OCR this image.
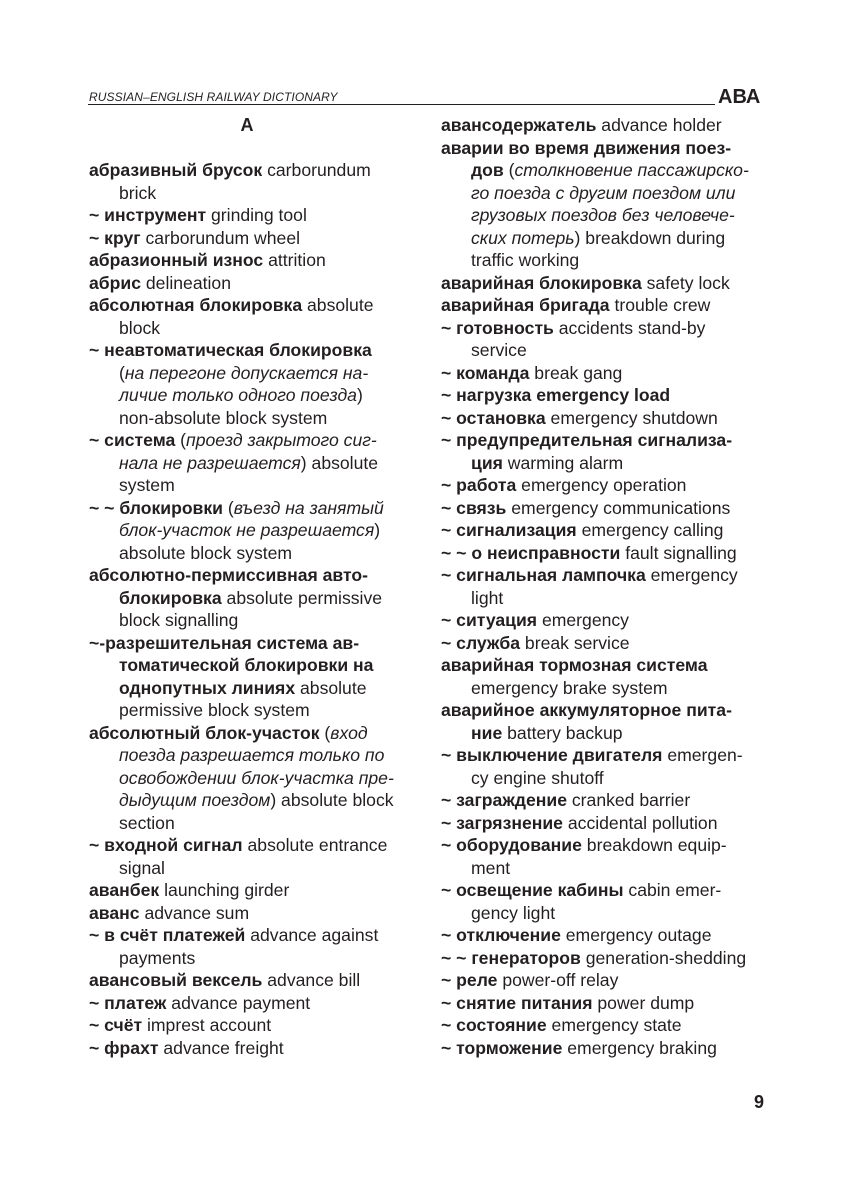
RUSSIAN–ENGLISH RAILWAY DICTIONARY	АВА
А
абразивный брусок carborundum
brick
~ инструмент grinding tool
~ круг carborundum wheel
абразионный износ attrition
абрис delineation
абсолютная блокировка absolute
block
~ неавтоматическая блокировка
(на перегоне допускается на-
личие только одного поезда)
non-absolute block system
~ система (проезд закрытого сиг-
нала не разрешается) absolute
system
~ ~ блокировки (въезд на занятый
блок-участок не разрешается)
absolute block system
абсолютно-пермиссивная авто-
блокировка absolute permissive
block signalling
~-разрешительная система ав-
томатической блокировки на
однопутных линиях absolute
permissive block system
абсолютный блок-участок (вход
поезда разрешается только по
освобождении блок-участка пре-
дыдущим поездом) absolute block
section
~ входной сигнал absolute entrance
signal
аванбек launching girder
аванс advance sum
~ в счёт платежей advance against
payments
авансовый вексель advance bill
~ платеж advance payment
~ счёт imprest account
~ фрахт advance freight
авансодержатель advance holder
аварии во время движения поез-
дов (столкновение пассажирско-
го поезда с другим поездом или
грузовых поездов без человече-
ских потерь) breakdown during
traffic working
аварийная блокировка safety lock
аварийная бригада trouble crew
~ готовность accidents stand-by
service
~ команда break gang
~ нагрузка emergency load
~ остановка emergency shutdown
~ предупредительная сигнализа-
ция warming alarm
~ работа emergency operation
~ связь emergency communications
~ сигнализация emergency calling
~ ~ о неисправности fault signalling
~ сигнальная лампочка emergency
light
~ ситуация emergency
~ служба break service
аварийная тормозная система
emergency brake system
аварийное аккумуляторное пита-
ние battery backup
~ выключение двигателя emergen-
cy engine shutoff
~ заграждение cranked barrier
~ загрязнение accidental pollution
~ оборудование breakdown equip-
ment
~ освещение кабины cabin emer-
gency light
~ отключение emergency outage
~ ~ генераторов generation-shedding
~ реле power-off relay
~ снятие питания power dump
~ состояние emergency state
~ торможение emergency braking
9
